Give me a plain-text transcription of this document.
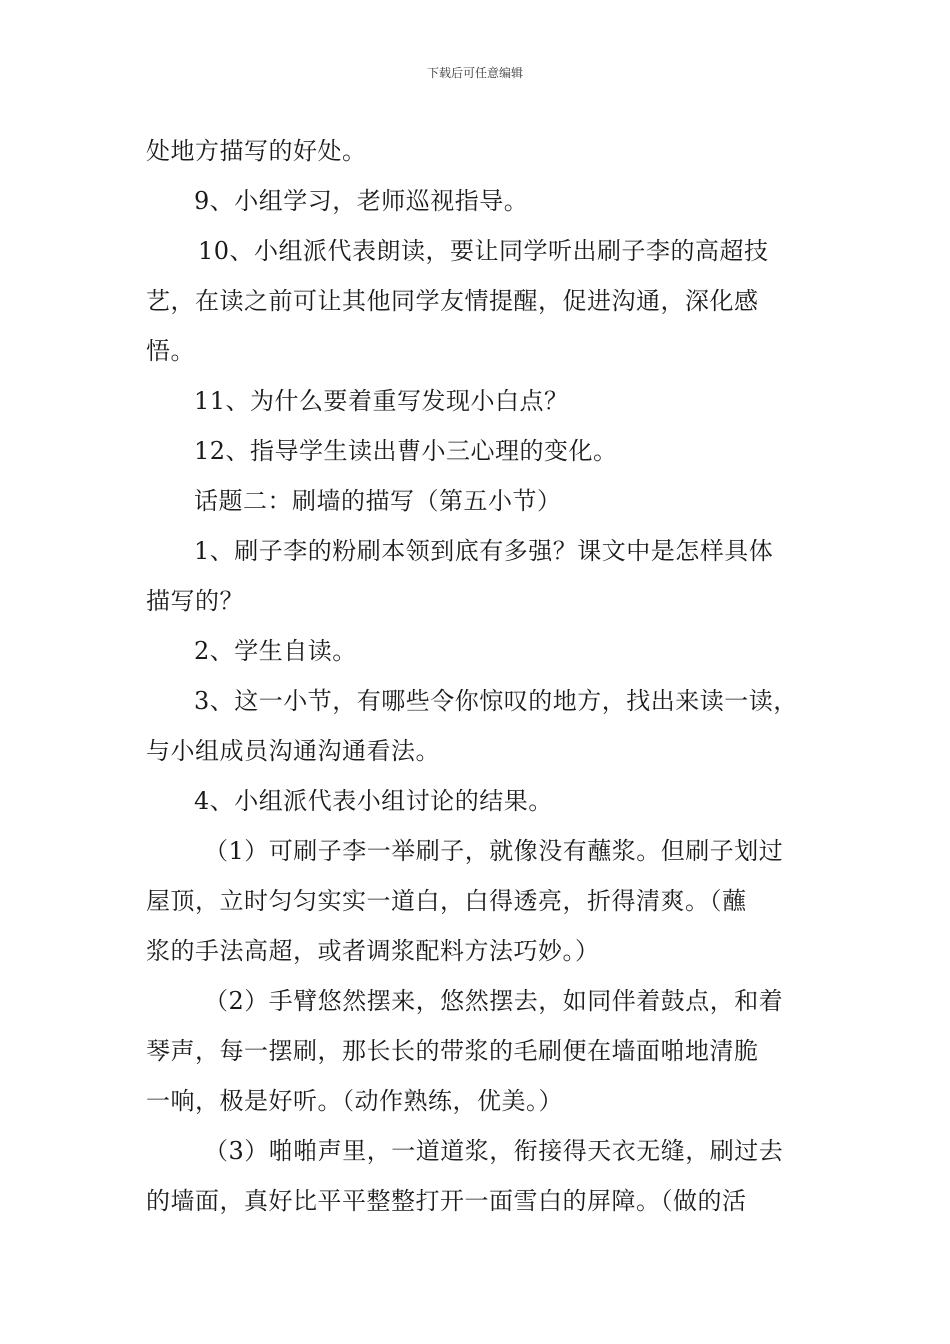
下载后可任意编辑
处地方描写的好处。
9、小组学习，老师巡视指导。
10、小组派代表朗读，要让同学听出刷子李的高超技
艺，在读之前可让其他同学友情提醒，促进沟通，深化感
悟。
11、为什么要着重写发现小白点？
12、指导学生读出曹小三心理的变化。
话题二：刷墙的描写（第五小节）
1、刷子李的粉刷本领到底有多强？课文中是怎样具体
描写的？
2、学生自读。
3、这一小节，有哪些令你惊叹的地方，找出来读一读，
与小组成员沟通沟通看法。
4、小组派代表小组讨论的结果。
（1）可刷子李一举刷子，就像没有蘸浆。但刷子划过
屋顶，立时匀匀实实一道白，白得透亮，折得清爽。（蘸
浆的手法高超，或者调浆配料方法巧妙。）
（2）手臂悠然摆来，悠然摆去，如同伴着鼓点，和着
琴声，每一摆刷，那长长的带浆的毛刷便在墙面啪地清脆
一响，极是好听。（动作熟练，优美。）
（3）啪啪声里，一道道浆，衔接得天衣无缝，刷过去
的墙面，真好比平平整整打开一面雪白的屏障。（做的活
